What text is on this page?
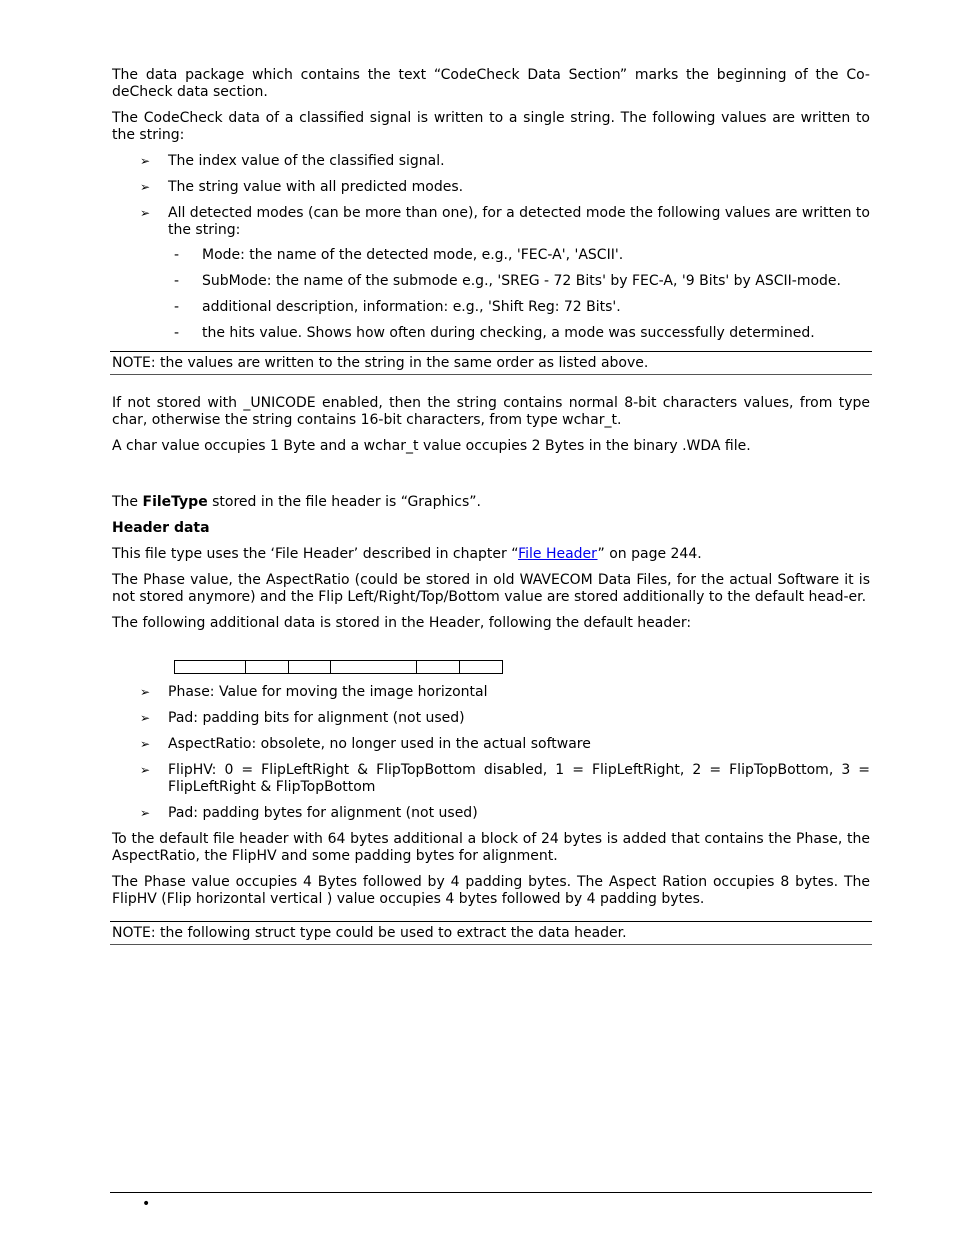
The data package which contains the text “CodeCheck Data Section” marks the beginning of the Co-deCheck data section.

The CodeCheck data of a classified signal is written to a single string. The following values are written to the string:

➢ The index value of the classified signal.
➢ The string value with all predicted modes.
➢ All detected modes (can be more than one), for a detected mode the following values are written to the string:
- Mode: the name of the detected mode, e.g., 'FEC-A', 'ASCII'.
- SubMode: the name of the submode e.g., 'SREG - 72 Bits' by FEC-A, '9 Bits' by ASCII-mode.
- additional description, information: e.g., 'Shift Reg: 72 Bits'.
- the hits value. Shows how often during checking, a mode was successfully determined.
NOTE: the values are written to the string in the same order as listed above.

If not stored with _UNICODE enabled, then the string contains normal 8-bit characters values, from type char, otherwise the string contains 16-bit characters, from type wchar_t.

A char value occupies 1 Byte and a wchar_t value occupies 2 Bytes in the binary .WDA file.

The FileType stored in the file header is “Graphics”.

Header data

This file type uses the ‘File Header’ described in chapter “File Header” on page 244.

The Phase value, the AspectRatio (could be stored in old WAVECOM Data Files, for the actual Software it is not stored anymore) and the Flip Left/Right/Top/Bottom value are stored additionally to the default head-er.

The following additional data is stored in the Header, following the default header:

➢ Phase: Value for moving the image horizontal
➢ Pad: padding bits for alignment (not used)
➢ AspectRatio: obsolete, no longer used in the actual software
➢ FlipHV: 0 = FlipLeftRight & FlipTopBottom disabled, 1 = FlipLeftRight, 2 = FlipTopBottom, 3 = FlipLeftRight & FlipTopBottom
➢ Pad: padding bytes for alignment (not used)

To the default file header with 64 bytes additional a block of 24 bytes is added that contains the Phase, the AspectRatio, the FlipHV and some padding bytes for alignment.

The Phase value occupies 4 Bytes followed by 4 padding bytes. The Aspect Ration occupies 8 bytes. The FlipHV (Flip horizontal vertical ) value occupies 4 bytes followed by 4 padding bytes.

NOTE: the following struct type could be used to extract the data header.
•
